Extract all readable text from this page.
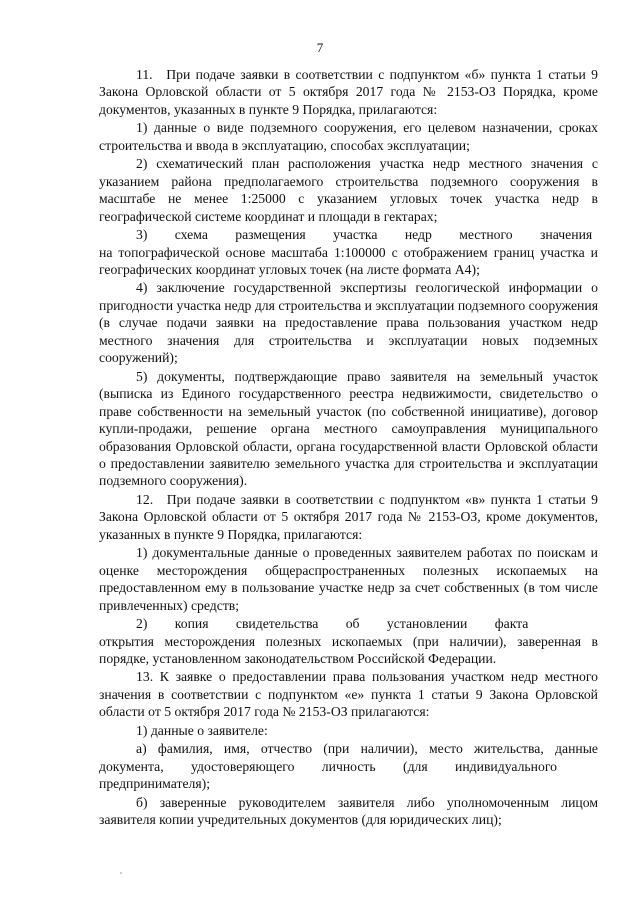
7

11. При подаче заявки в соответствии с подпунктом «б» пункта 1 статьи 9 Закона Орловской области от 5 октября 2017 года № 2153-ОЗ Порядка, кроме документов, указанных в пункте 9 Порядка, прилагаются:

1) данные о виде подземного сооружения, его целевом назначении, сроках строительства и ввода в эксплуатацию, способах эксплуатации;

2) схематический план расположения участка недр местного значения с указанием района предполагаемого строительства подземного сооружения в масштабе не менее 1:25000 с указанием угловых точек участка недр в географической системе координат и площади в гектарах;

3)  схема  размещения  участка  недр  местного  значения на топографической основе масштаба 1:100000 с отображением границ участка и географических координат угловых точек (на листе формата А4);

4) заключение государственной экспертизы геологической информации о пригодности участка недр для строительства и эксплуатации подземного сооружения (в случае подачи заявки на предоставление права пользования участком недр местного значения для строительства и эксплуатации новых подземных сооружений);

5) документы, подтверждающие право заявителя на земельный участок (выписка из Единого государственного реестра недвижимости, свидетельство о праве собственности на земельный участок (по собственной инициативе), договор купли-продажи, решение органа местного самоуправления муниципального образования Орловской области, органа государственной власти Орловской области о предоставлении заявителю земельного участка для строительства и эксплуатации подземного сооружения).

12. При подаче заявки в соответствии с подпунктом «в» пункта 1 статьи 9 Закона Орловской области от 5 октября 2017 года № 2153-ОЗ, кроме документов, указанных в пункте 9 Порядка, прилагаются:

1) документальные данные о проведенных заявителем работах по поискам и оценке месторождения общераспространенных полезных ископаемых на предоставленном ему в пользование участке недр за счет собственных (в том числе привлеченных) средств;

2)  копия  свидетельства  об  установлении  факта  открытия месторождения полезных ископаемых (при наличии), заверенная в порядке, установленном законодательством Российской Федерации.

13. К заявке о предоставлении права пользования участком недр местного значения в соответствии с подпунктом «е» пункта 1 статьи 9 Закона Орловской области от 5 октября 2017 года № 2153-ОЗ прилагаются:

1) данные о заявителе:

а) фамилия, имя, отчество (при наличии), место жительства, данные документа,  удостоверяющего  личность  (для  индивидуального предпринимателя);

б) заверенные руководителем заявителя либо уполномоченным лицом заявителя копии учредительных документов (для юридических лиц);
